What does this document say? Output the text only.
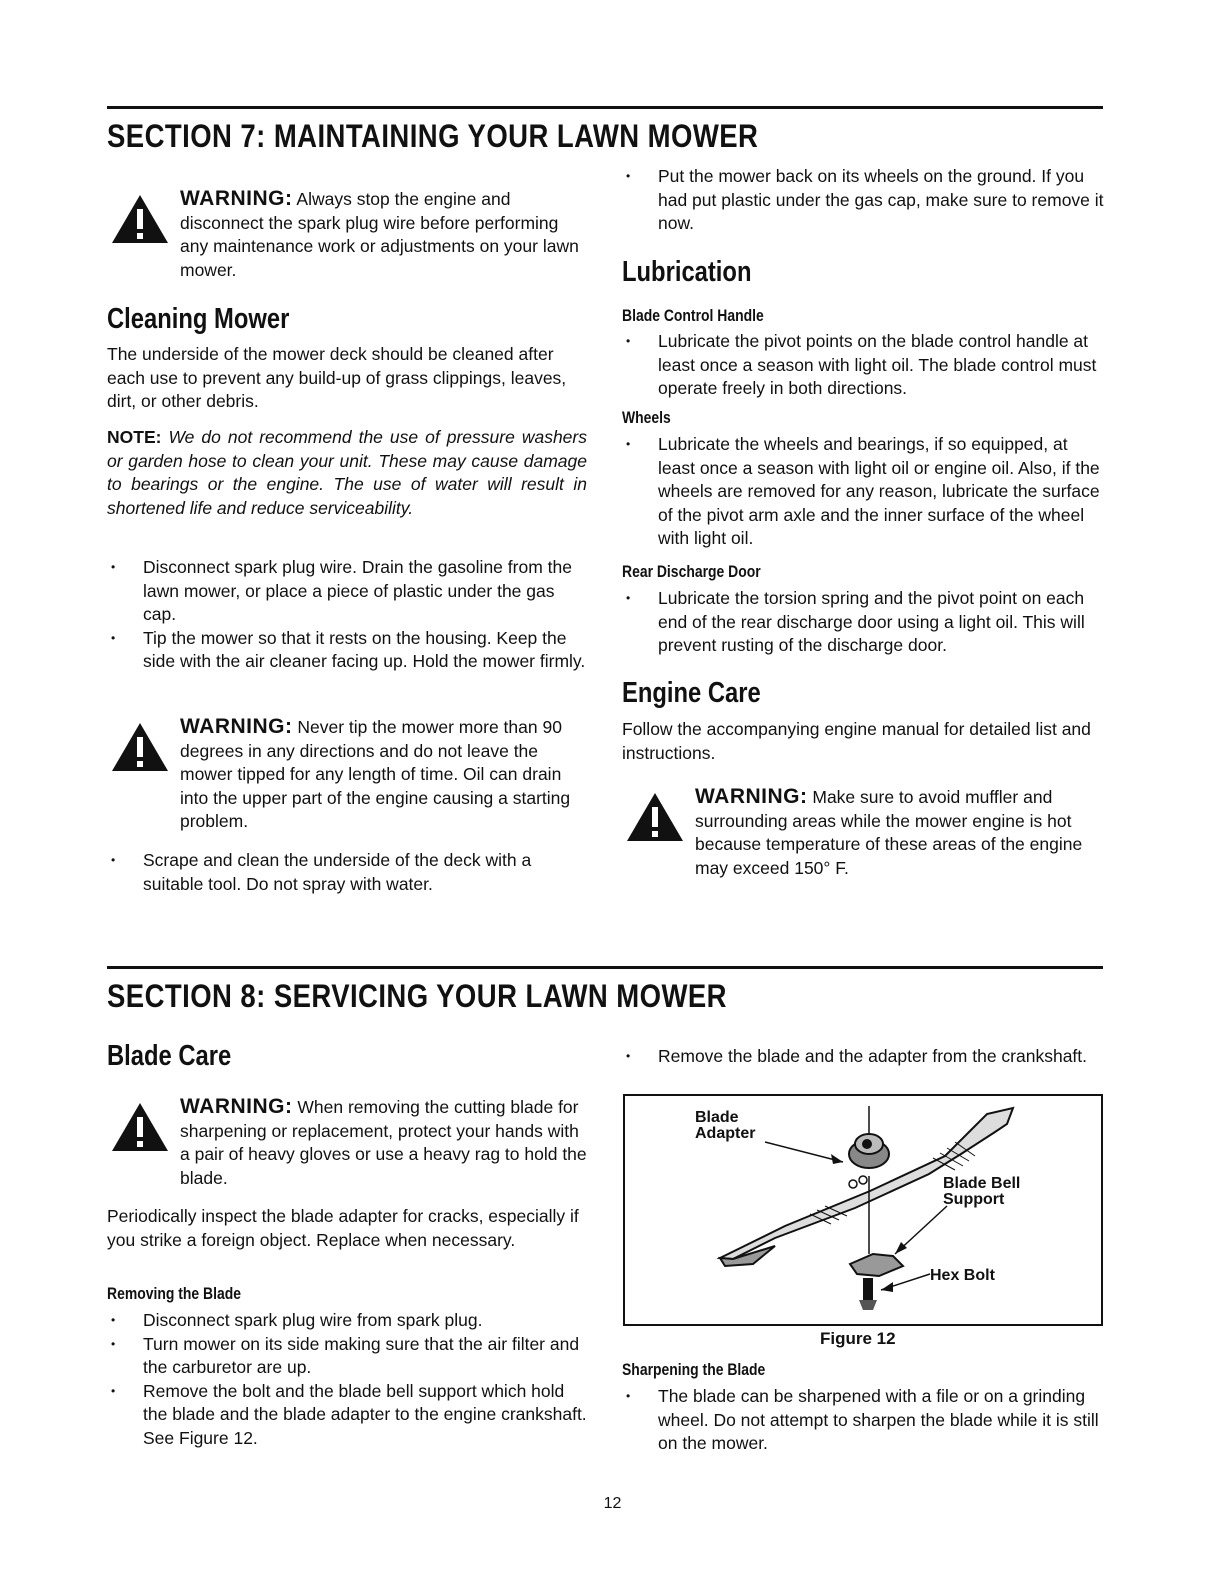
SECTION 7: MAINTAINING YOUR LAWN MOWER

WARNING: Always stop the engine and disconnect the spark plug wire before performing any maintenance work or adjustments on your lawn mower.

Cleaning Mower

The underside of the mower deck should be cleaned after each use to prevent any build-up of grass clippings, leaves, dirt, or other debris.

NOTE: We do not recommend the use of pressure washers or garden hose to clean your unit. These may cause damage to bearings or the engine. The use of water will result in shortened life and reduce serviceability.

• Disconnect spark plug wire. Drain the gasoline from the lawn mower, or place a piece of plastic under the gas cap.
• Tip the mower so that it rests on the housing. Keep the side with the air cleaner facing up. Hold the mower firmly.

WARNING: Never tip the mower more than 90 degrees in any directions and do not leave the mower tipped for any length of time. Oil can drain into the upper part of the engine causing a starting problem.

• Scrape and clean the underside of the deck with a suitable tool. Do not spray with water.
• Put the mower back on its wheels on the ground. If you had put plastic under the gas cap, make sure to remove it now.
Lubrication
Blade Control Handle
• Lubricate the pivot points on the blade control handle at least once a season with light oil. The blade control must operate freely in both directions.
Wheels
• Lubricate the wheels and bearings, if so equipped, at least once a season with light oil or engine oil. Also, if the wheels are removed for any reason, lubricate the surface of the pivot arm axle and the inner surface of the wheel with light oil.
Rear Discharge Door
• Lubricate the torsion spring and the pivot point on each end of the rear discharge door using a light oil. This will prevent rusting of the discharge door.
Engine Care

Follow the accompanying engine manual for detailed list and instructions.

WARNING: Make sure to avoid muffler and surrounding areas while the mower engine is hot because temperature of these areas of the engine may exceed 150° F.

SECTION 8: SERVICING YOUR LAWN MOWER
Blade Care

WARNING: When removing the cutting blade for sharpening or replacement, protect your hands with a pair of heavy gloves or use a heavy rag to hold the blade.

Periodically inspect the blade adapter for cracks, especially if you strike a foreign object. Replace when necessary.

Removing the Blade
• Disconnect spark plug wire from spark plug.
• Turn mower on its side making sure that the air filter and the carburetor are up.
• Remove the bolt and the blade bell support which hold the blade and the blade adapter to the engine crankshaft. See Figure 12.
• Remove the blade and the adapter from the crankshaft.

Blade
Adapter

Blade Bell
Support

Hex Bolt

Figure 12

Sharpening the Blade
• The blade can be sharpened with a file or on a grinding wheel. Do not attempt to sharpen the blade while it is still on the mower.

12
